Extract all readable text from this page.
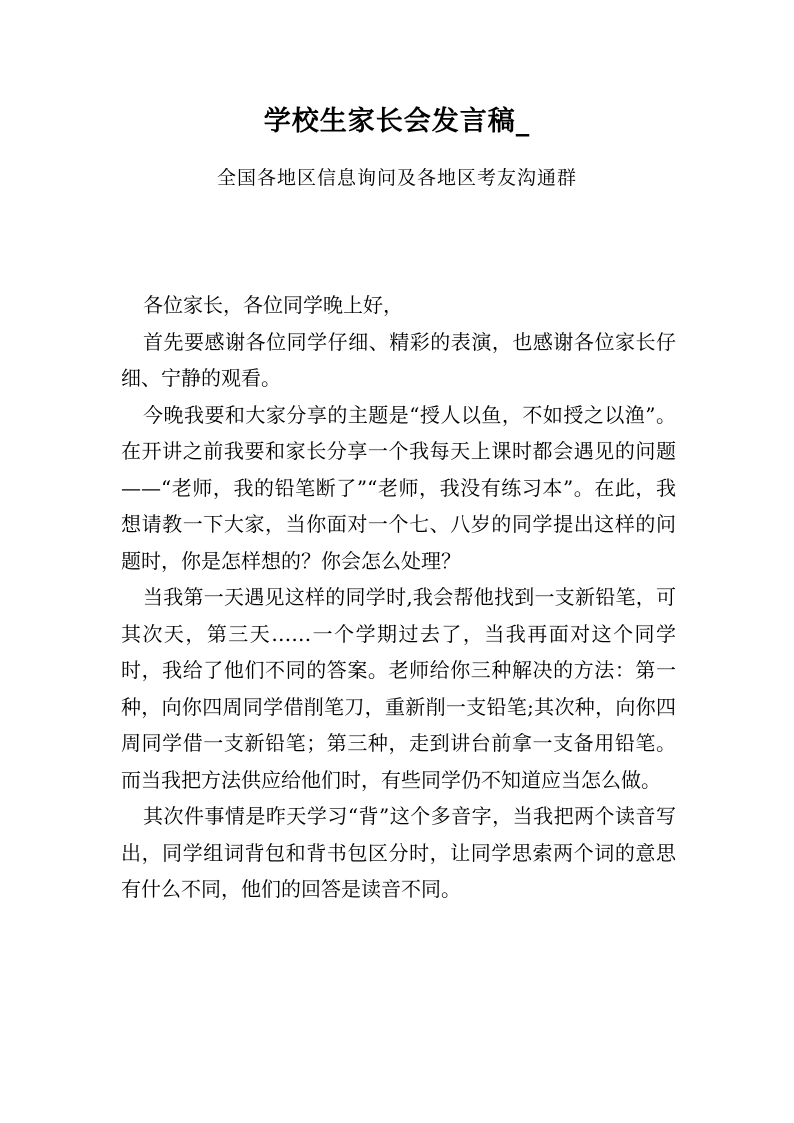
学校生家长会发言稿_
全国各地区信息询问及各地区考友沟通群

各位家长，各位同学晚上好，

首先要感谢各位同学仔细、精彩的表演，也感谢各位家长仔细、宁静的观看。

今晚我要和大家分享的主题是“授人以鱼，不如授之以渔”。在开讲之前我要和家长分享一个我每天上课时都会遇见的问题——“老师，我的铅笔断了”“老师，我没有练习本”。在此，我想请教一下大家，当你面对一个七、八岁的同学提出这样的问题时，你是怎样想的？你会怎么处理？

当我第一天遇见这样的同学时,我会帮他找到一支新铅笔，可其次天，第三天……一个学期过去了，当我再面对这个同学时，我给了他们不同的答案。老师给你三种解决的方法：第一种，向你四周同学借削笔刀，重新削一支铅笔;其次种，向你四周同学借一支新铅笔；第三种，走到讲台前拿一支备用铅笔。而当我把方法供应给他们时，有些同学仍不知道应当怎么做。

其次件事情是昨天学习“背”这个多音字，当我把两个读音写出，同学组词背包和背书包区分时，让同学思索两个词的意思有什么不同，他们的回答是读音不同。
